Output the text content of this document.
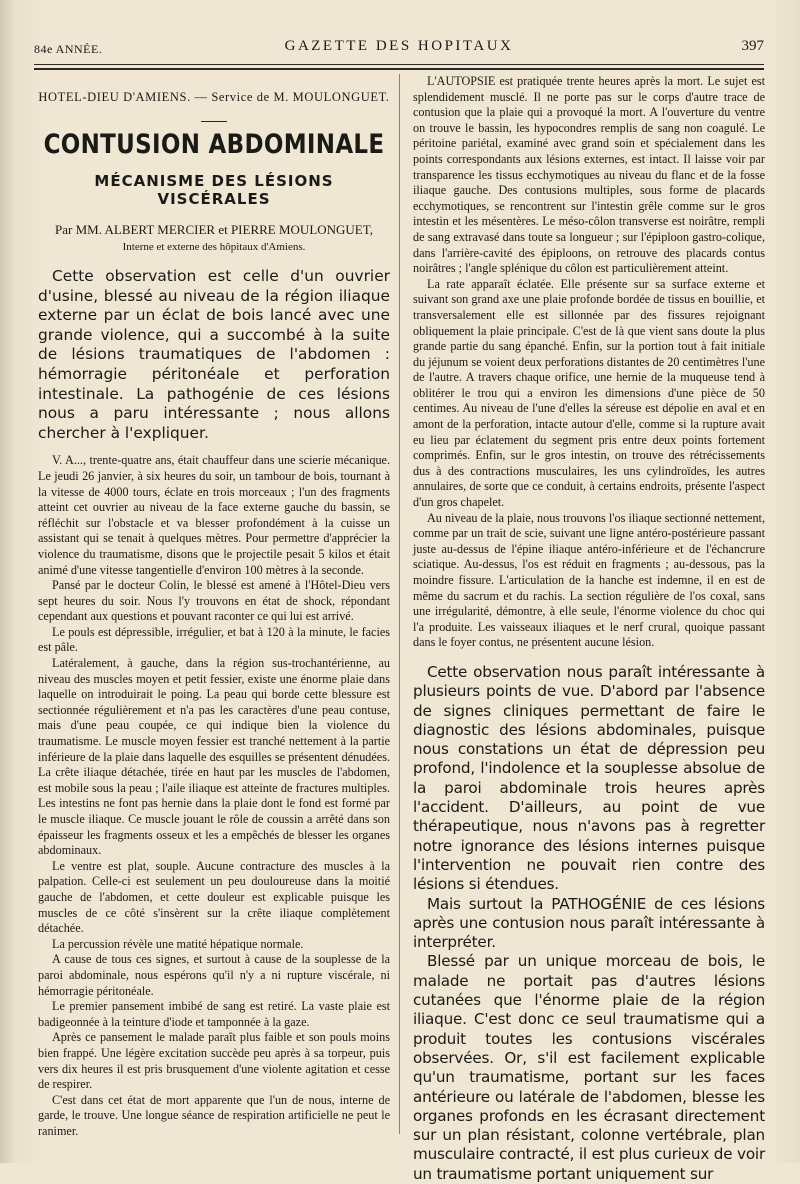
84e ANNÉE.	GAZETTE DES HOPITAUX	397
HOTEL-DIEU D'AMIENS. — Service de M. MOULONGUET.
CONTUSION ABDOMINALE
MÉCANISME DES LÉSIONS VISCÉRALES
Par MM. ALBERT MERCIER et PIERRE MOULONGUET,
Interne et externe des hôpitaux d'Amiens.

Cette observation est celle d'un ouvrier d'usine, blessé au niveau de la région iliaque externe par un éclat de bois lancé avec une grande violence, qui a succombé à la suite de lésions traumatiques de l'abdomen : hémorragie péritonéale et perforation intestinale. La pathogénie de ces lésions nous a paru intéressante ; nous allons chercher à l'expliquer.

V. A..., trente-quatre ans, était chauffeur dans une scierie mécanique. Le jeudi 26 janvier, à six heures du soir, un tambour de bois, tournant à la vitesse de 4000 tours, éclate en trois morceaux ; l'un des fragments atteint cet ouvrier au niveau de la face externe gauche du bassin, se réfléchit sur l'obstacle et va blesser profondément à la cuisse un assistant qui se tenait à quelques mètres. Pour permettre d'apprécier la violence du traumatisme, disons que le projectile pesait 5 kilos et était animé d'une vitesse tangentielle d'environ 100 mètres à la seconde.

Pansé par le docteur Colin, le blessé est amené à l'Hôtel-Dieu vers sept heures du soir. Nous l'y trouvons en état de shock, répondant cependant aux questions et pouvant raconter ce qui lui est arrivé.

Le pouls est dépressible, irrégulier, et bat à 120 à la minute, le facies est pâle.

Latéralement, à gauche, dans la région sus-trochantérienne, au niveau des muscles moyen et petit fessier, existe une énorme plaie dans laquelle on introduirait le poing. La peau qui borde cette blessure est sectionnée régulièrement et n'a pas les caractères d'une peau contuse, mais d'une peau coupée, ce qui indique bien la violence du traumatisme. Le muscle moyen fessier est tranché nettement à la partie inférieure de la plaie dans laquelle des esquilles se présentent dénudées. La crête iliaque détachée, tirée en haut par les muscles de l'abdomen, est mobile sous la peau ; l'aile iliaque est atteinte de fractures multiples. Les intestins ne font pas hernie dans la plaie dont le fond est formé par le muscle iliaque. Ce muscle jouant le rôle de coussin a arrêté dans son épaisseur les fragments osseux et les a empêchés de blesser les organes abdominaux.

Le ventre est plat, souple. Aucune contracture des muscles à la palpation. Celle-ci est seulement un peu douloureuse dans la moitié gauche de l'abdomen, et cette douleur est explicable puisque les muscles de ce côté s'insèrent sur la crête iliaque complètement détachée.

La percussion révèle une matité hépatique normale.

A cause de tous ces signes, et surtout à cause de la souplesse de la paroi abdominale, nous espérons qu'il n'y a ni rupture viscérale, ni hémorragie péritonéale.

Le premier pansement imbibé de sang est retiré. La vaste plaie est badigeonnée à la teinture d'iode et tamponnée à la gaze.

Après ce pansement le malade paraît plus faible et son pouls moins bien frappé. Une légère excitation succède peu après à sa torpeur, puis vers dix heures il est pris brusquement d'une violente agitation et cesse de respirer.

C'est dans cet état de mort apparente que l'un de nous, interne de garde, le trouve. Une longue séance de respiration artificielle ne peut le ranimer.

L'AUTOPSIE est pratiquée trente heures après la mort. Le sujet est splendidement musclé. Il ne porte pas sur le corps d'autre trace de contusion que la plaie qui a provoqué la mort. A l'ouverture du ventre on trouve le bassin, les hypocondres remplis de sang non coagulé. Le péritoine pariétal, examiné avec grand soin et spécialement dans les points correspondants aux lésions externes, est intact. Il laisse voir par transparence les tissus ecchymotiques au niveau du flanc et de la fosse iliaque gauche. Des contusions multiples, sous forme de placards ecchymotiques, se rencontrent sur l'intestin grêle comme sur le gros intestin et les mésentères. Le méso-côlon transverse est noirâtre, rempli de sang extravasé dans toute sa longueur ; sur l'épiploon gastro-colique, dans l'arrière-cavité des épiploons, on retrouve des placards contus noirâtres ; l'angle splénique du côlon est particulièrement atteint.

La rate apparaît éclatée. Elle présente sur sa surface externe et suivant son grand axe une plaie profonde bordée de tissus en bouillie, et transversalement elle est sillonnée par des fissures rejoignant obliquement la plaie principale. C'est de là que vient sans doute la plus grande partie du sang épanché. Enfin, sur la portion tout à fait initiale du jéjunum se voient deux perforations distantes de 20 centimètres l'une de l'autre. A travers chaque orifice, une hernie de la muqueuse tend à oblitérer le trou qui a environ les dimensions d'une pièce de 50 centimes. Au niveau de l'une d'elles la séreuse est dépolie en aval et en amont de la perforation, intacte autour d'elle, comme si la rupture avait eu lieu par éclatement du segment pris entre deux points fortement comprimés. Enfin, sur le gros intestin, on trouve des rétrécissements dus à des contractions musculaires, les uns cylindroïdes, les autres annulaires, de sorte que ce conduit, à certains endroits, présente l'aspect d'un gros chapelet.

Au niveau de la plaie, nous trouvons l'os iliaque sectionné nettement, comme par un trait de scie, suivant une ligne antéro-postérieure passant juste au-dessus de l'épine iliaque antéro-inférieure et de l'échancrure sciatique. Au-dessus, l'os est réduit en fragments ; au-dessous, pas la moindre fissure. L'articulation de la hanche est indemne, il en est de même du sacrum et du rachis. La section régulière de l'os coxal, sans une irrégularité, démontre, à elle seule, l'énorme violence du choc qui l'a produite. Les vaisseaux iliaques et le nerf crural, quoique passant dans le foyer contus, ne présentent aucune lésion.

Cette observation nous paraît intéressante à plusieurs points de vue. D'abord par l'absence de signes cliniques permettant de faire le diagnostic des lésions abdominales, puisque nous constations un état de dépression peu profond, l'indolence et la souplesse absolue de la paroi abdominale trois heures après l'accident. D'ailleurs, au point de vue thérapeutique, nous n'avons pas à regretter notre ignorance des lésions internes puisque l'intervention ne pouvait rien contre des lésions si étendues.

Mais surtout la PATHOGÉNIE de ces lésions après une contusion nous paraît intéressante à interpréter.

Blessé par un unique morceau de bois, le malade ne portait pas d'autres lésions cutanées que l'énorme plaie de la région iliaque. C'est donc ce seul traumatisme qui a produit toutes les contusions viscérales observées. Or, s'il est facilement explicable qu'un traumatisme, portant sur les faces antérieure ou latérale de l'abdomen, blesse les organes profonds en les écrasant directement sur un plan résistant, colonne vertébrale, plan musculaire contracté, il est plus curieux de voir un traumatisme portant uniquement sur
